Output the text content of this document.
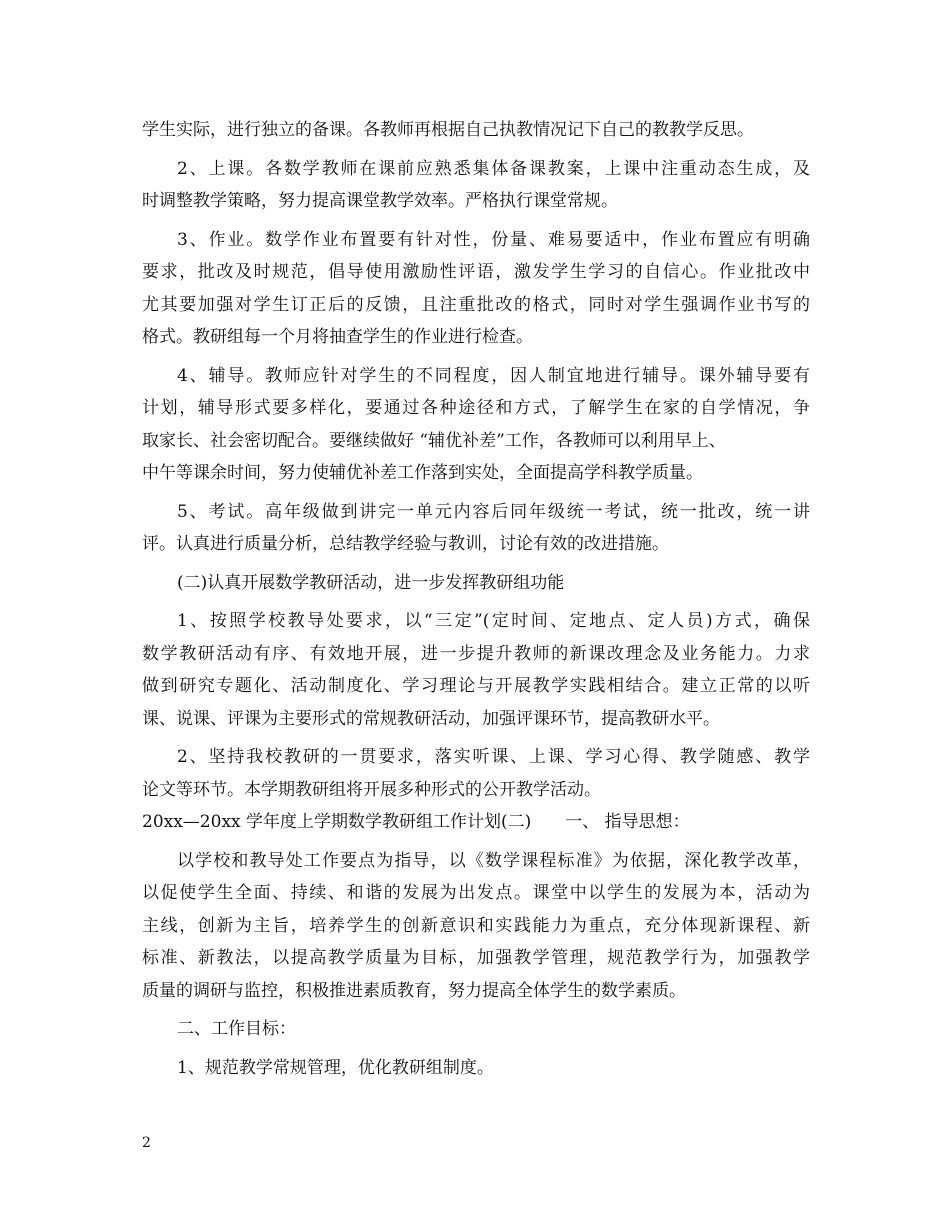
学生实际，进行独立的备课。各教师再根据自己执教情况记下自己的教教学反思。
2、上课。各数学教师在课前应熟悉集体备课教案，上课中注重动态生成，及
时调整教学策略，努力提高课堂教学效率。严格执行课堂常规。
3、作业。数学作业布置要有针对性，份量、难易要适中，作业布置应有明确
要求，批改及时规范，倡导使用激励性评语，激发学生学习的自信心。作业批改中
尤其要加强对学生订正后的反馈，且注重批改的格式，同时对学生强调作业书写的
格式。教研组每一个月将抽查学生的作业进行检查。
4、辅导。教师应针对学生的不同程度，因人制宜地进行辅导。课外辅导要有
计划，辅导形式要多样化，要通过各种途径和方式，了解学生在家的自学情况，争
取家长、社会密切配合。要继续做好 “辅优补差”工作，各教师可以利用早上、
中午等课余时间，努力使辅优补差工作落到实处，全面提高学科教学质量。
5、考试。高年级做到讲完一单元内容后同年级统一考试，统一批改，统一讲
评。认真进行质量分析，总结教学经验与教训，讨论有效的改进措施。
(二)认真开展数学教研活动，进一步发挥教研组功能
1、按照学校教导处要求，以“三定”(定时间、定地点、定人员)方式，确保
数学教研活动有序、有效地开展，进一步提升教师的新课改理念及业务能力。力求
做到研究专题化、活动制度化、学习理论与开展教学实践相结合。建立正常的以听
课、说课、评课为主要形式的常规教研活动，加强评课环节，提高教研水平。
2、坚持我校教研的一贯要求，落实听课、上课、学习心得、教学随感、教学
论文等环节。本学期教研组将开展多种形式的公开教学活动。
20xx—20xx 学年度上学期数学教研组工作计划(二)　　一、 指导思想：
以学校和教导处工作要点为指导，以《数学课程标准》为依据，深化教学改革，
以促使学生全面、持续、和谐的发展为出发点。课堂中以学生的发展为本，活动为
主线，创新为主旨，培养学生的创新意识和实践能力为重点，充分体现新课程、新
标准、新教法，以提高教学质量为目标，加强教学管理，规范教学行为，加强教学
质量的调研与监控，积极推进素质教育，努力提高全体学生的数学素质。
二、工作目标：
1、规范教学常规管理，优化教研组制度。
2
